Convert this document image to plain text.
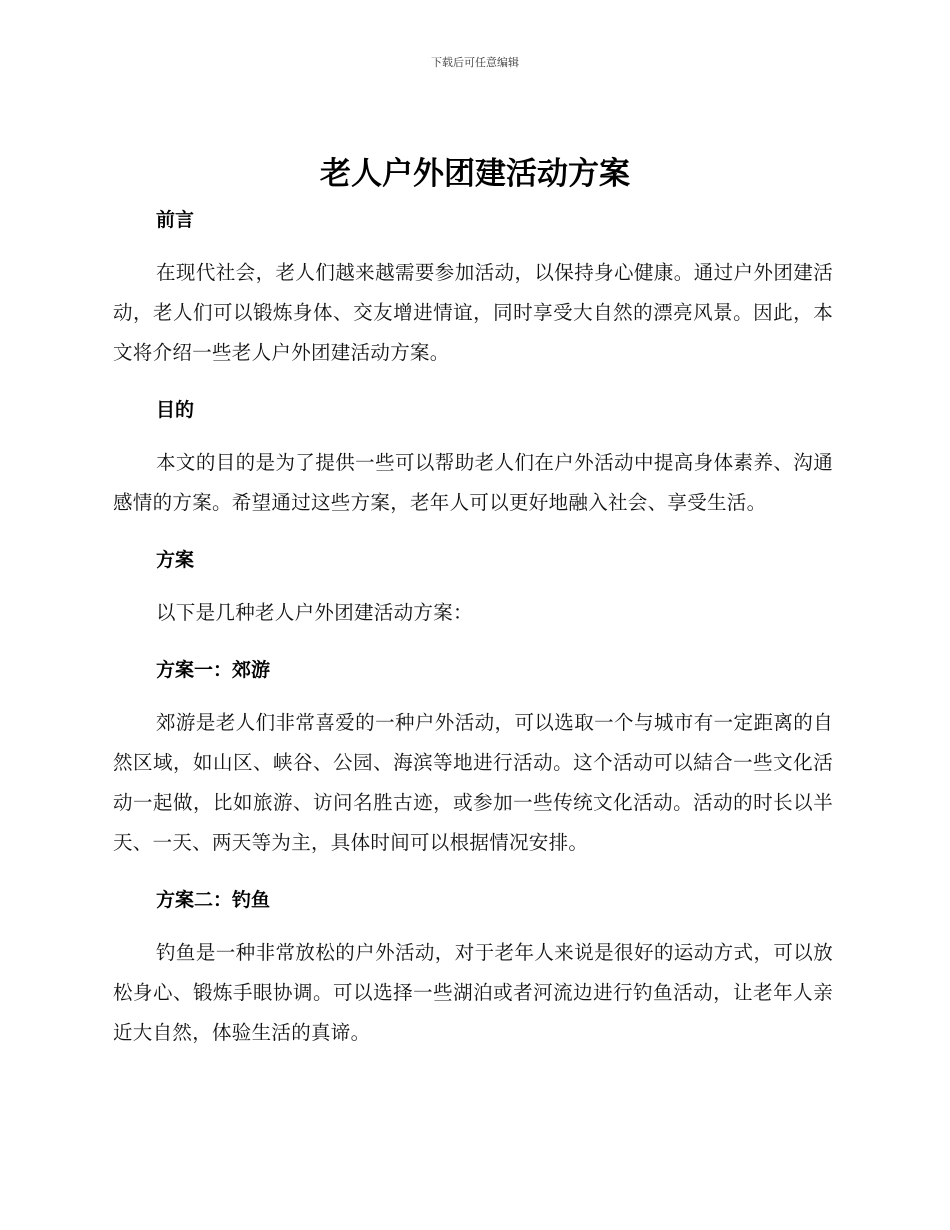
下载后可任意编辑
老人户外团建活动方案
前言

在现代社会，老人们越来越需要参加活动，以保持身心健康。通过户外团建活动，老人们可以锻炼身体、交友增进情谊，同时享受大自然的漂亮风景。因此，本文将介绍一些老人户外团建活动方案。

目的

本文的目的是为了提供一些可以帮助老人们在户外活动中提高身体素养、沟通感情的方案。希望通过这些方案，老年人可以更好地融入社会、享受生活。

方案

以下是几种老人户外团建活动方案：

方案一：郊游

郊游是老人们非常喜爱的一种户外活动，可以选取一个与城市有一定距离的自然区域，如山区、峡谷、公园、海滨等地进行活动。这个活动可以結合一些文化活动一起做，比如旅游、访问名胜古迹，或参加一些传统文化活动。活动的时长以半天、一天、两天等为主，具体时间可以根据情况安排。

方案二：钓鱼

钓鱼是一种非常放松的户外活动，对于老年人来说是很好的运动方式，可以放松身心、锻炼手眼协调。可以选择一些湖泊或者河流边进行钓鱼活动，让老年人亲近大自然，体验生活的真谛。
